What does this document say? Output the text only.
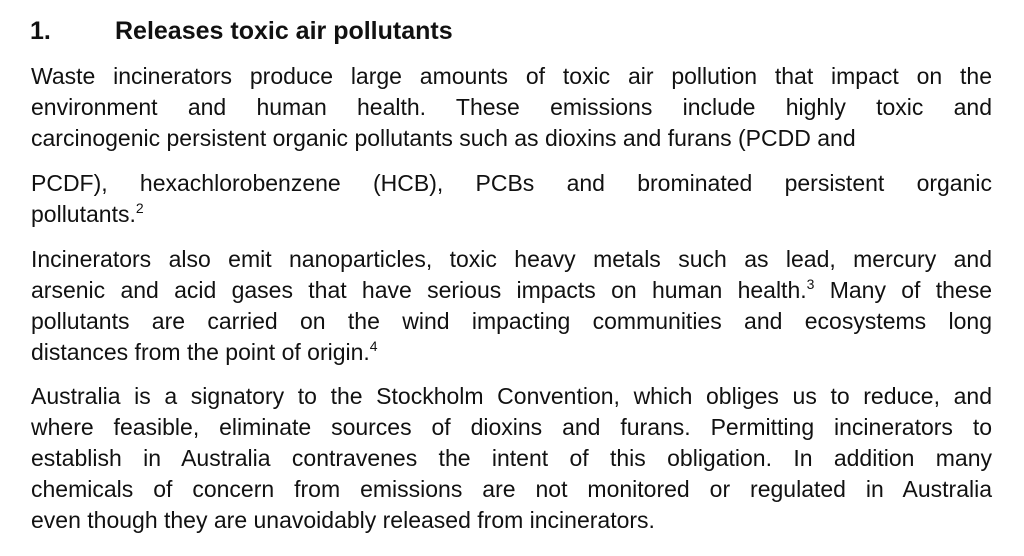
1.	Releases toxic air pollutants
Waste incinerators produce large amounts of toxic air pollution that impact on the
environment and human health. These emissions include highly toxic and
carcinogenic persistent organic pollutants such as dioxins and furans (PCDD and
PCDF), hexachlorobenzene (HCB), PCBs and brominated persistent organic
pollutants.$^2$
Incinerators also emit nanoparticles, toxic heavy metals such as lead, mercury and
arsenic and acid gases that have serious impacts on human health.$^3$ Many of these
pollutants are carried on the wind impacting communities and ecosystems long
distances from the point of origin.$^4$
Australia is a signatory to the Stockholm Convention, which obliges us to reduce, and
where feasible, eliminate sources of dioxins and furans. Permitting incinerators to
establish in Australia contravenes the intent of this obligation. In addition many
chemicals of concern from emissions are not monitored or regulated in Australia
even though they are unavoidably released from incinerators.
